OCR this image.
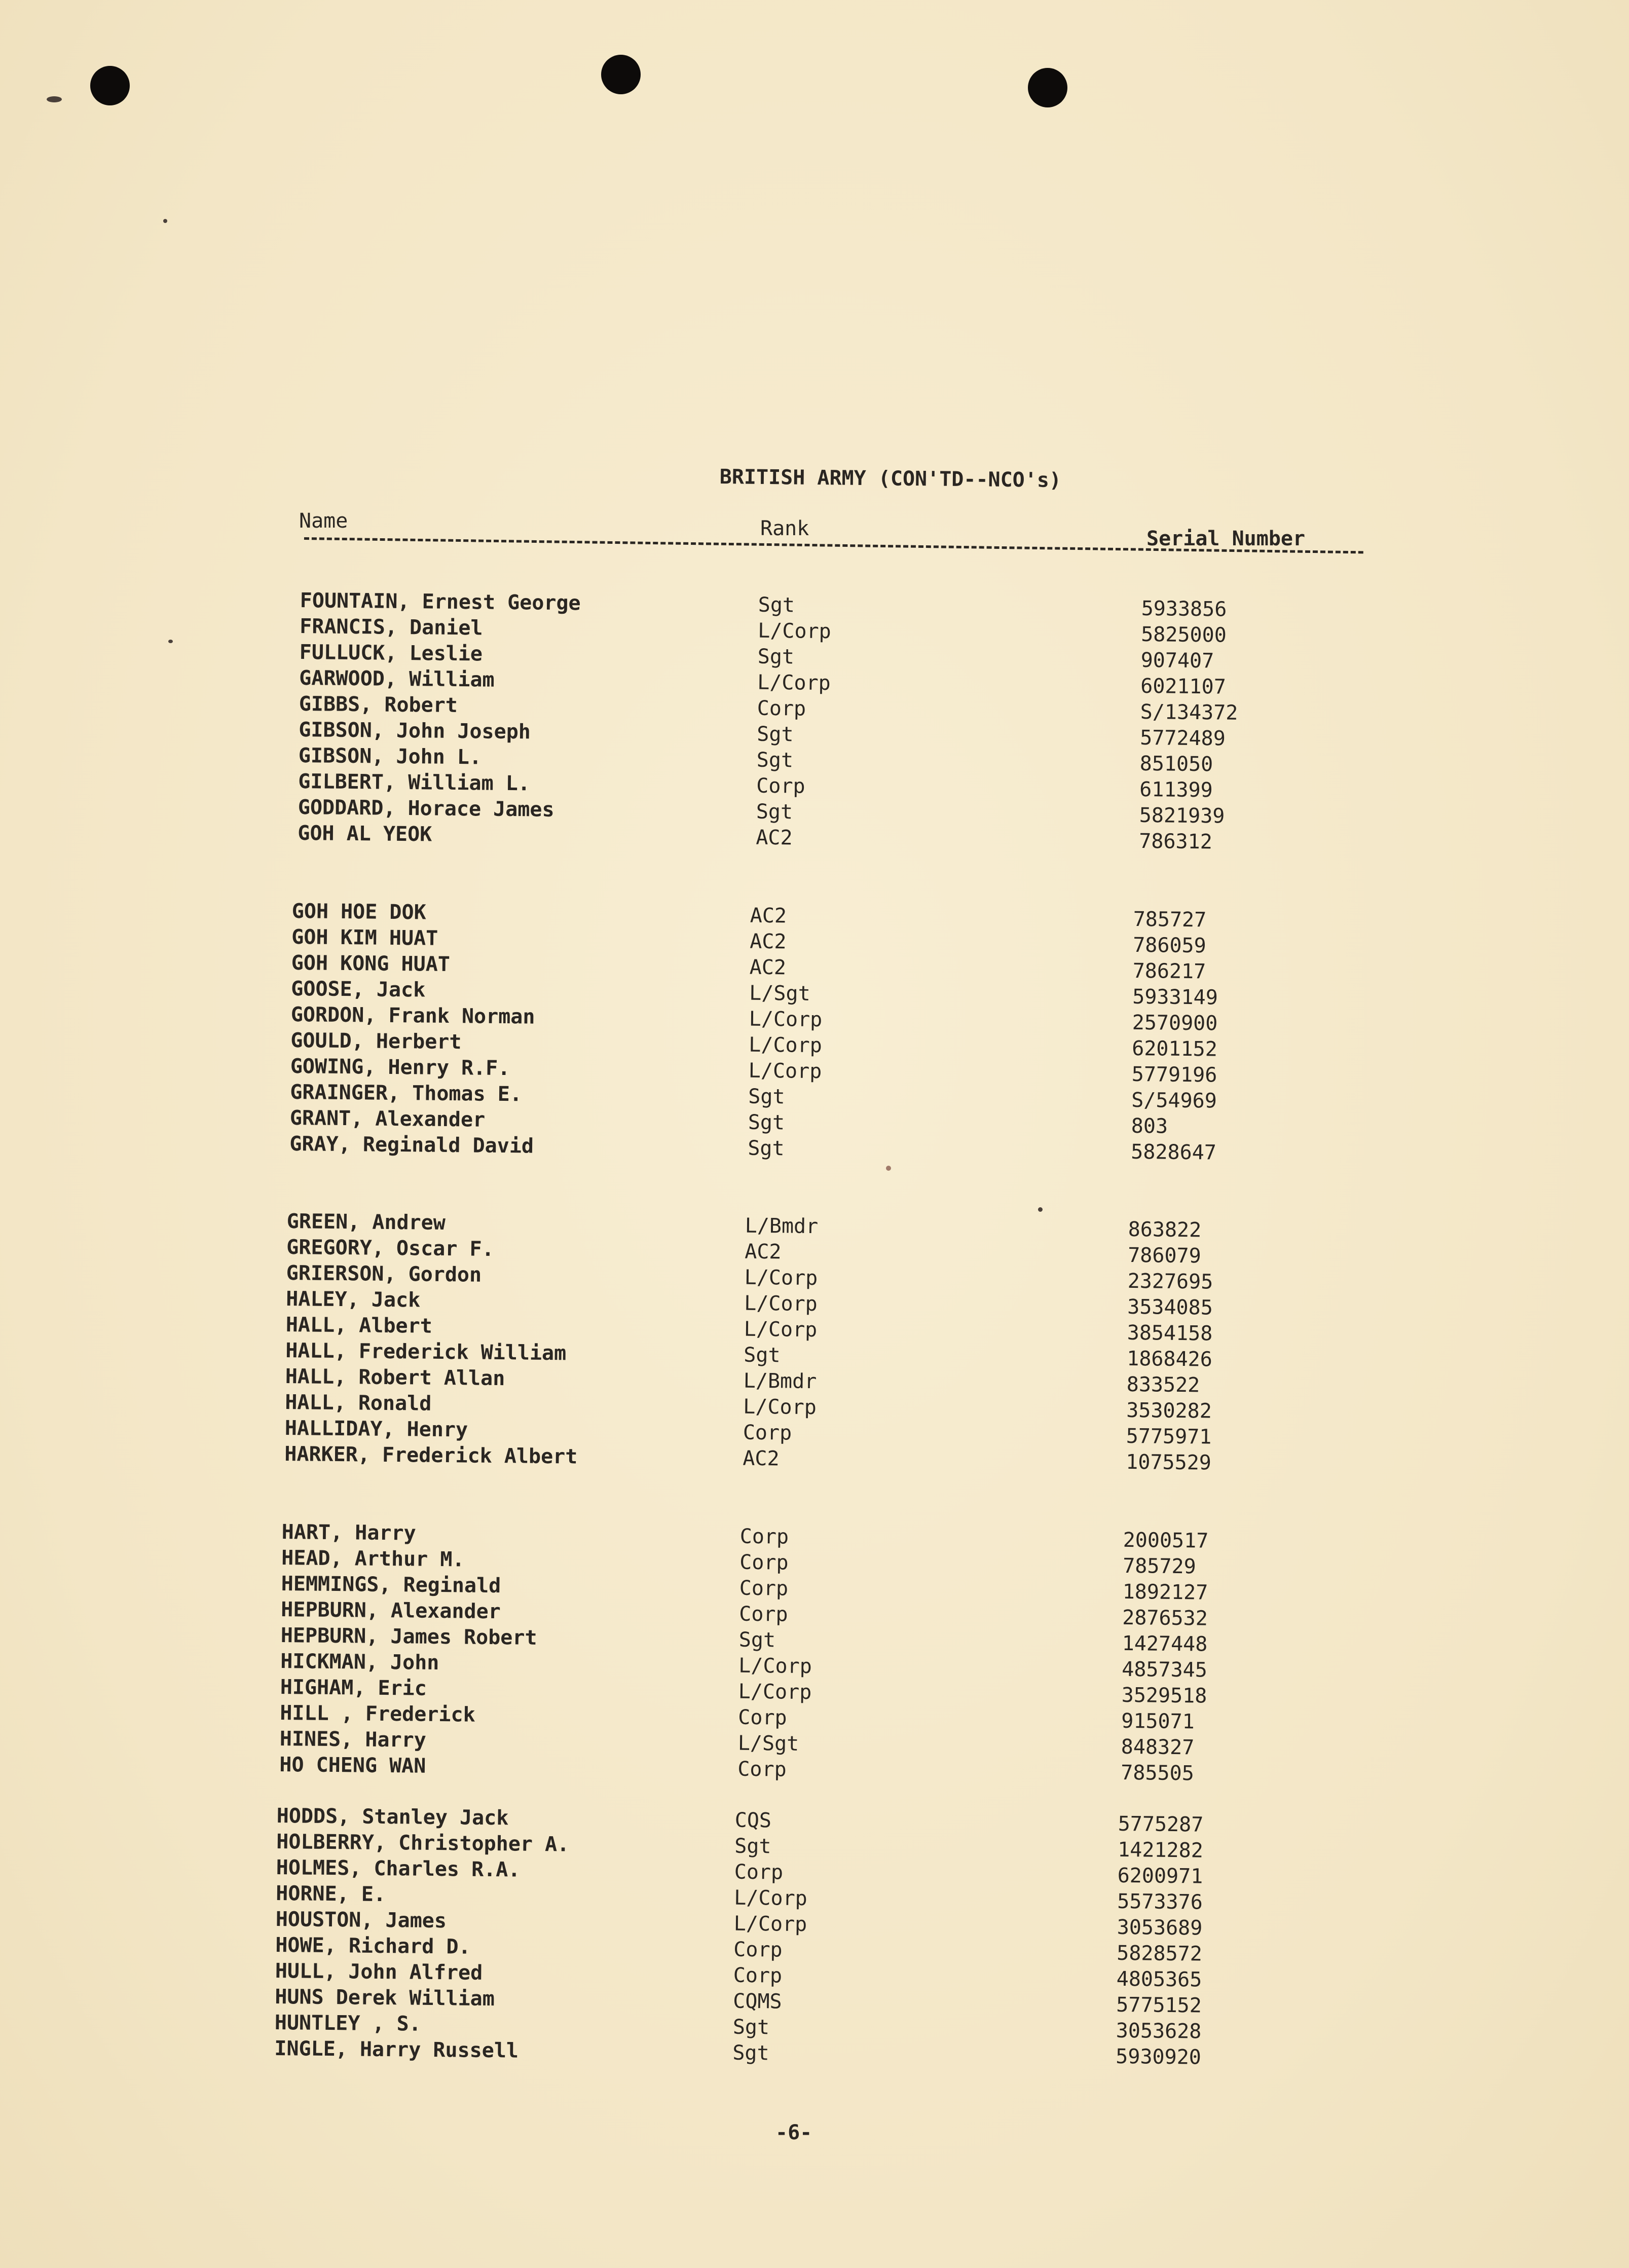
BRITISH ARMY (CON'TD--NCO's)
Name	Rank	Serial Number
FOUNTAIN, Ernest George	Sgt	5933856
FRANCIS, Daniel	L/Corp	5825000
FULLUCK, Leslie	Sgt	907407
GARWOOD, William	L/Corp	6021107
GIBBS, Robert	Corp	S/134372
GIBSON, John Joseph	Sgt	5772489
GIBSON, John L.	Sgt	851050
GILBERT, William L.	Corp	611399
GODDARD, Horace James	Sgt	5821939
GOH AL YEOK	AC2	786312
GOH HOE DOK	AC2	785727
GOH KIM HUAT	AC2	786059
GOH KONG HUAT	AC2	786217
GOOSE, Jack	L/Sgt	5933149
GORDON, Frank Norman	L/Corp	2570900
GOULD, Herbert	L/Corp	6201152
GOWING, Henry R.F.	L/Corp	5779196
GRAINGER, Thomas E.	Sgt	S/54969
GRANT, Alexander	Sgt	803
GRAY, Reginald David	Sgt	5828647
GREEN, Andrew	L/Bmdr	863822
GREGORY, Oscar F.	AC2	786079
GRIERSON, Gordon	L/Corp	2327695
HALEY, Jack	L/Corp	3534085
HALL, Albert	L/Corp	3854158
HALL, Frederick William	Sgt	1868426
HALL, Robert Allan	L/Bmdr	833522
HALL, Ronald	L/Corp	3530282
HALLIDAY, Henry	Corp	5775971
HARKER, Frederick Albert	AC2	1075529
HART, Harry	Corp	2000517
HEAD, Arthur M.	Corp	785729
HEMMINGS, Reginald	Corp	1892127
HEPBURN, Alexander	Corp	2876532
HEPBURN, James Robert	Sgt	1427448
HICKMAN, John	L/Corp	4857345
HIGHAM, Eric	L/Corp	3529518
HILL , Frederick	Corp	915071
HINES, Harry	L/Sgt	848327
HO CHENG WAN	Corp	785505
HODDS, Stanley Jack	CQS	5775287
HOLBERRY, Christopher A.	Sgt	1421282
HOLMES, Charles R.A.	Corp	6200971
HORNE, E.	L/Corp	5573376
HOUSTON, James	L/Corp	3053689
HOWE, Richard D.	Corp	5828572
HULL, John Alfred	Corp	4805365
HUNS Derek William	CQMS	5775152
HUNTLEY , S.	Sgt	3053628
INGLE, Harry Russell	Sgt	5930920
-6-
